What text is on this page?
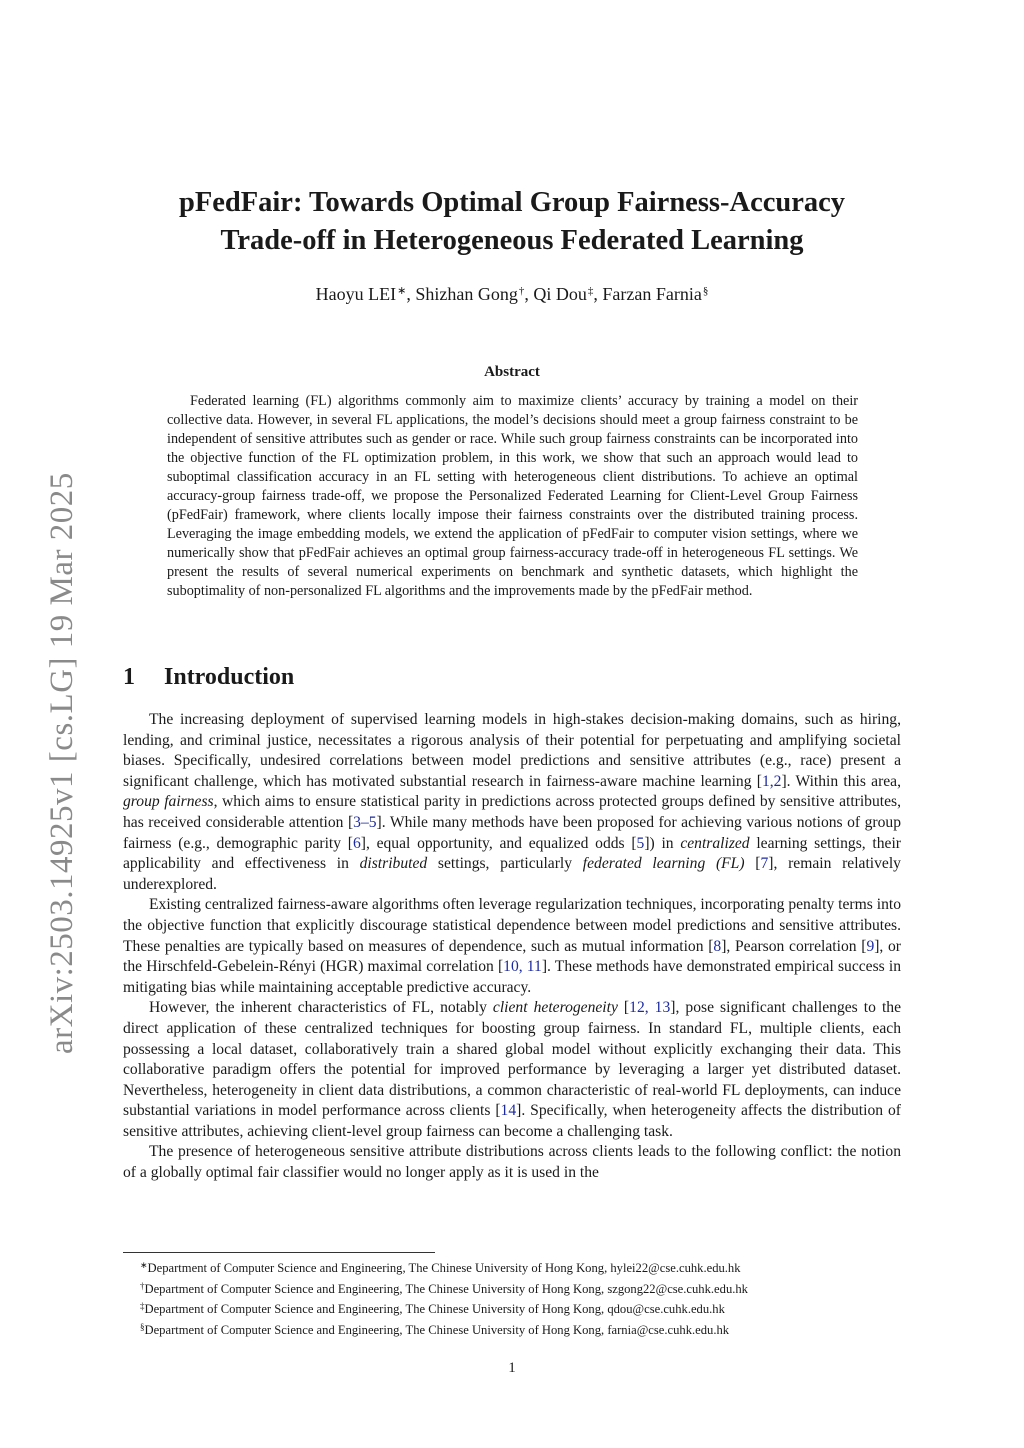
arXiv:2503.14925v1 [cs.LG] 19 Mar 2025
pFedFair: Towards Optimal Group Fairness-Accuracy
Trade-off in Heterogeneous Federated Learning
Haoyu LEI∗, Shizhan Gong†, Qi Dou‡, Farzan Farnia§
Abstract
Federated learning (FL) algorithms commonly aim to maximize clients’ accuracy by training a model on their collective data. However, in several FL applications, the model’s decisions should meet a group fairness constraint to be independent of sensitive attributes such as gender or race. While such group fairness constraints can be incorporated into the objective function of the FL optimization problem, in this work, we show that such an approach would lead to suboptimal classification accuracy in an FL setting with heterogeneous client distributions. To achieve an optimal accuracy-group fairness trade-off, we propose the Personalized Federated Learning for Client-Level Group Fairness (pFedFair) framework, where clients locally impose their fairness constraints over the distributed training process. Leveraging the image embedding models, we extend the application of pFedFair to computer vision settings, where we numerically show that pFedFair achieves an optimal group fairness-accuracy trade-off in heterogeneous FL settings. We present the results of several numerical experiments on benchmark and synthetic datasets, which highlight the suboptimality of non-personalized FL algorithms and the improvements made by the pFedFair method.
1 Introduction

The increasing deployment of supervised learning models in high-stakes decision-making domains, such as hiring, lending, and criminal justice, necessitates a rigorous analysis of their potential for perpetuating and amplifying societal biases. Specifically, undesired correlations between model predictions and sensitive attributes (e.g., race) present a significant challenge, which has motivated substantial research in fairness-aware machine learning [1,2]. Within this area, group fairness, which aims to ensure statistical parity in predictions across protected groups defined by sensitive attributes, has received considerable attention [3–5]. While many methods have been proposed for achieving various notions of group fairness (e.g., demographic parity [6], equal opportunity, and equalized odds [5]) in centralized learning settings, their applicability and effectiveness in distributed settings, particularly federated learning (FL) [7], remain relatively underexplored.

Existing centralized fairness-aware algorithms often leverage regularization techniques, incorporating penalty terms into the objective function that explicitly discourage statistical dependence between model predictions and sensitive attributes. These penalties are typically based on measures of dependence, such as mutual information [8], Pearson correlation [9], or the Hirschfeld-Gebelein-Rényi (HGR) maximal correlation [10, 11]. These methods have demonstrated empirical success in mitigating bias while maintaining acceptable predictive accuracy.

However, the inherent characteristics of FL, notably client heterogeneity [12, 13], pose significant challenges to the direct application of these centralized techniques for boosting group fairness. In standard FL, multiple clients, each possessing a local dataset, collaboratively train a shared global model without explicitly exchanging their data. This collaborative paradigm offers the potential for improved performance by leveraging a larger yet distributed dataset. Nevertheless, heterogeneity in client data distributions, a common characteristic of real-world FL deployments, can induce substantial variations in model performance across clients [14]. Specifically, when heterogeneity affects the distribution of sensitive attributes, achieving client-level group fairness can become a challenging task.

The presence of heterogeneous sensitive attribute distributions across clients leads to the following conflict: the notion of a globally optimal fair classifier would no longer apply as it is used in the

∗Department of Computer Science and Engineering, The Chinese University of Hong Kong, hylei22@cse.cuhk.edu.hk
†Department of Computer Science and Engineering, The Chinese University of Hong Kong, szgong22@cse.cuhk.edu.hk
‡Department of Computer Science and Engineering, The Chinese University of Hong Kong, qdou@cse.cuhk.edu.hk
§Department of Computer Science and Engineering, The Chinese University of Hong Kong, farnia@cse.cuhk.edu.hk
1
